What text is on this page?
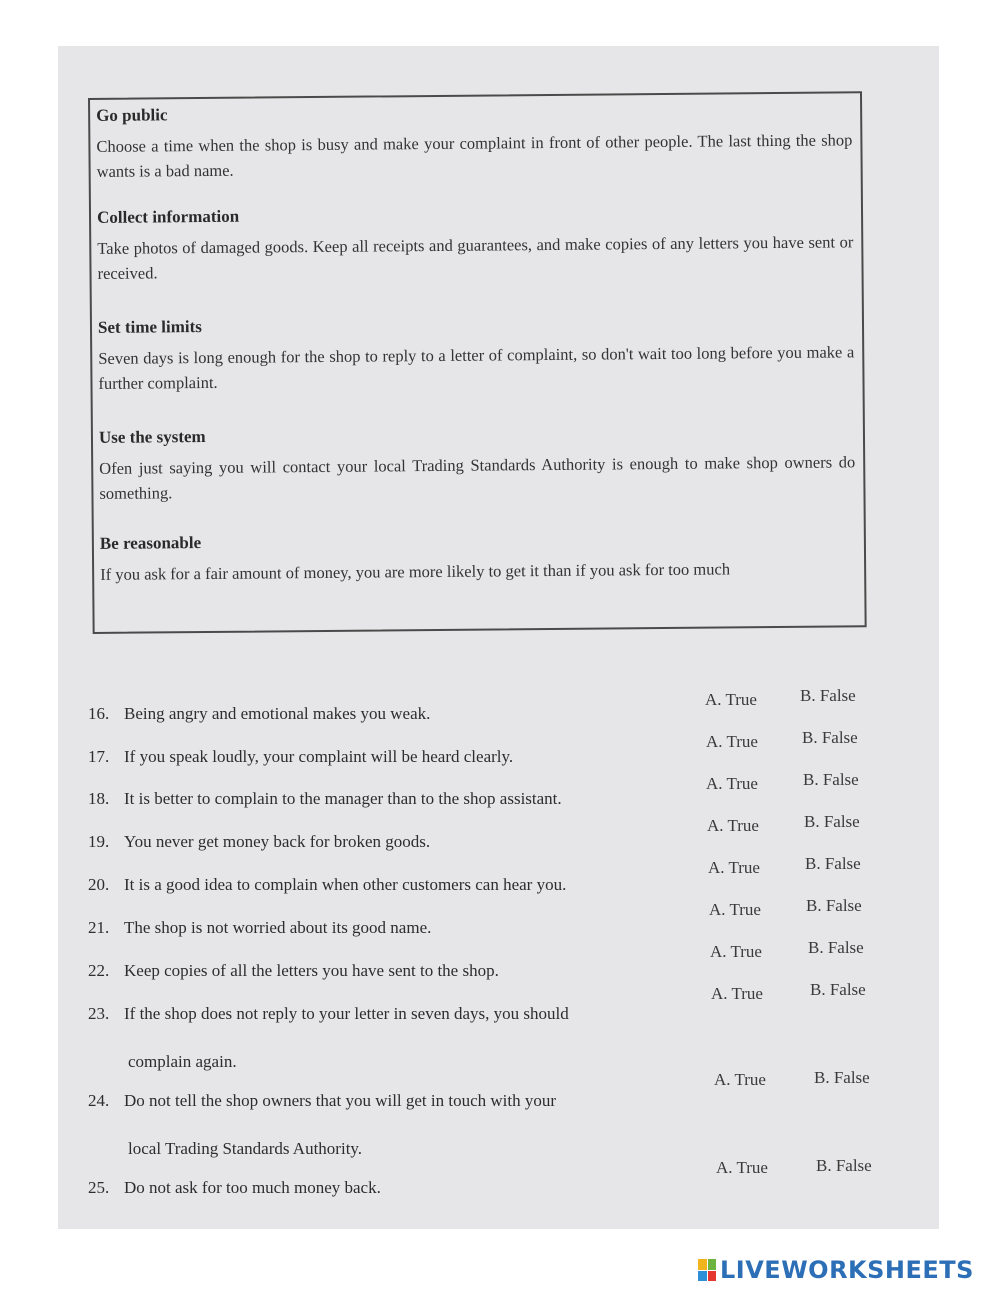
Go public

Choose a time when the shop is busy and make your complaint in front of other people. The last thing the shop wants is a bad name.

Collect information

Take photos of damaged goods. Keep all receipts and guarantees, and make copies of any letters you have sent or received.

Set time limits

Seven days is long enough for the shop to reply to a letter of complaint, so don't wait too long before you make a further complaint.

Use the system

Ofen just saying you will contact your local Trading Standards Authority is enough to make shop owners do something.

Be reasonable

If you ask for a fair amount of money, you are more likely to get it than if you ask for too much

16. Being angry and emotional makes you weak.
A. True	B. False
17. If you speak loudly, your complaint will be heard clearly.
A. True	B. False
18. It is better to complain to the manager than to the shop assistant.
A. True	B. False
19. You never get money back for broken goods.
A. True	B. False
20. It is a good idea to complain when other customers can hear you.
A. True	B. False
21. The shop is not worried about its good name.
A. True	B. False
22. Keep copies of all the letters you have sent to the shop.
A. True	B. False
23. If the shop does not reply to your letter in seven days, you should
complain again.
A. True	B. False
24. Do not tell the shop owners that you will get in touch with your
local Trading Standards Authority.
A. True	B. False
25. Do not ask for too much money back.
A. True	B. False
LIVEWORKSHEETS
